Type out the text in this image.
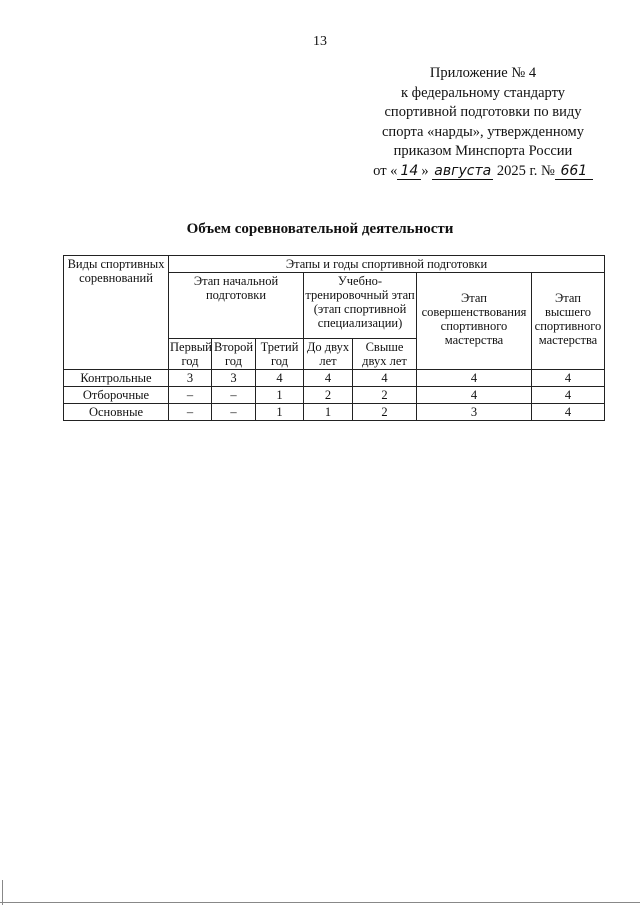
13
Приложение № 4
к федеральному стандарту
спортивной подготовки по виду
спорта «нарды», утвержденному
приказом Минспорта России
от « 14 » августа 2025 г. № 661
Объем соревновательной деятельности
Виды спортивных соревнований	Этапы и годы спортивной подготовки						
	Этап начальной подготовки			Учебно-тренировочный этап (этап спортивной специализации)		Этап совершенствования спортивного мастерства	Этап высшего спортивного мастерства
	Первый год	Второй год	Третий год	До двух лет	Свыше двух лет		
Контрольные	3	3	4	4	4	4	4
Отборочные	–	–	1	2	2	4	4
Основные	–	–	1	1	2	3	4
